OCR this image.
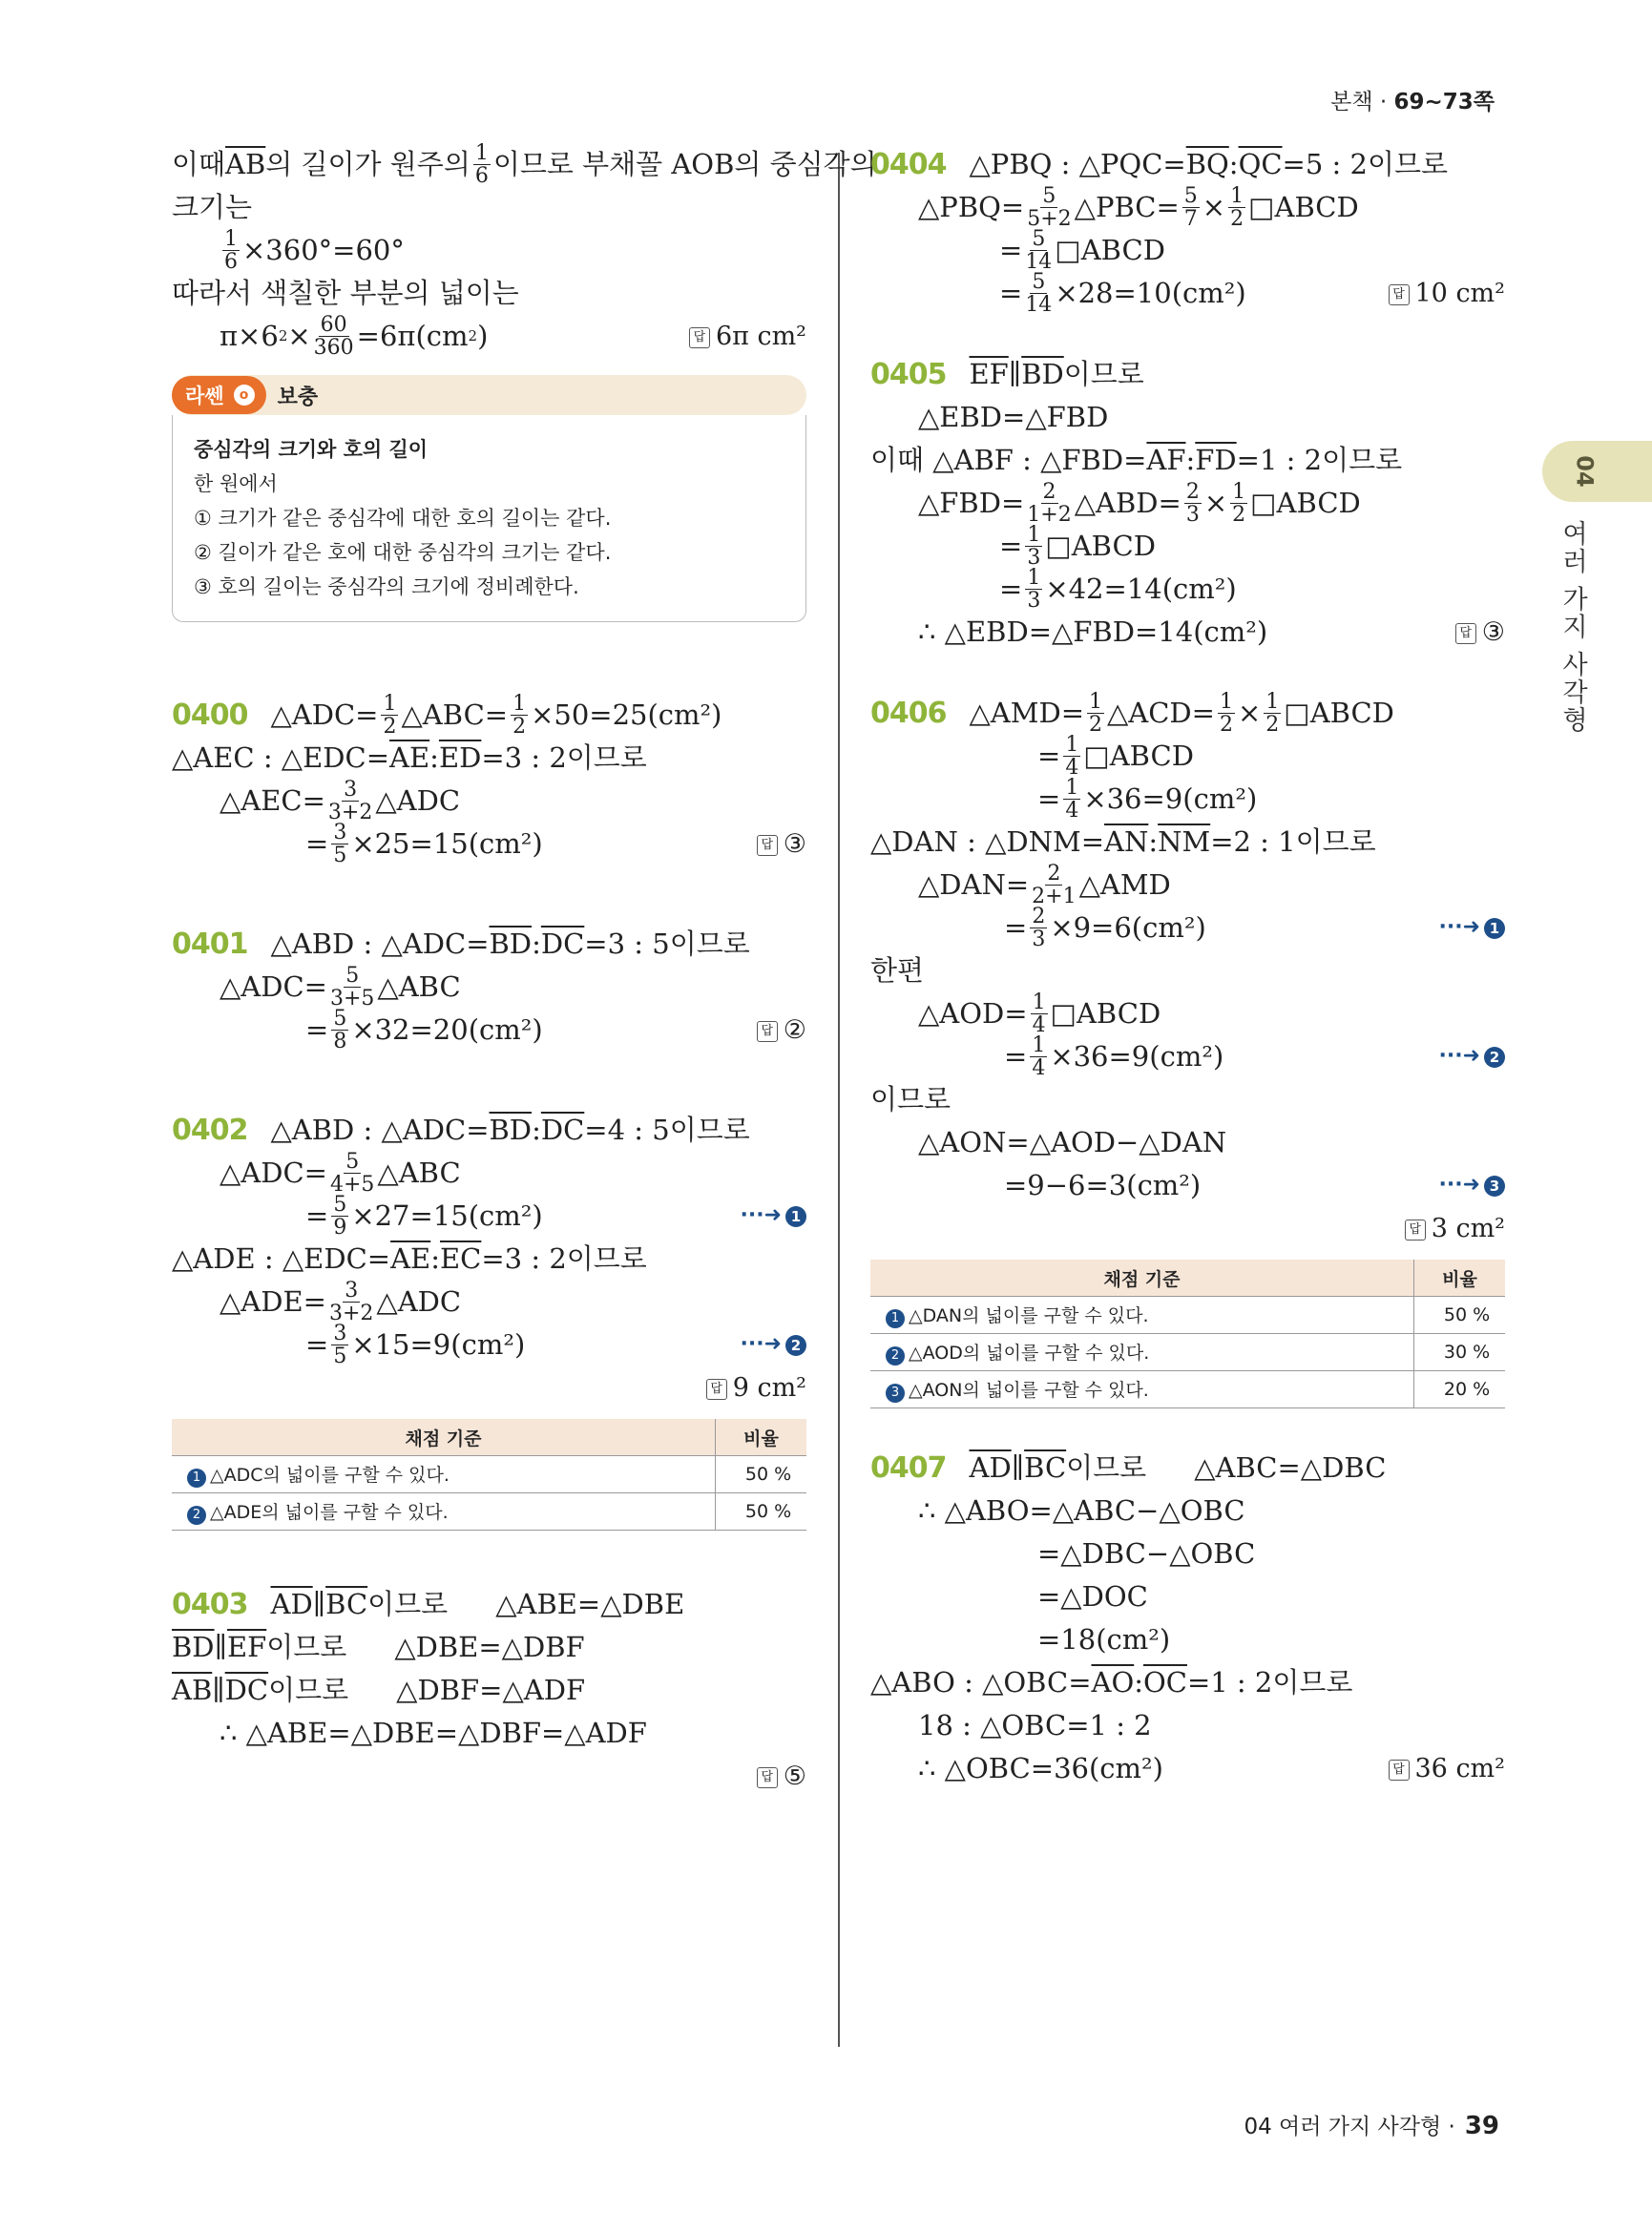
본책 · 69~73쪽
04
여러 가지 사각형
이때 $\overline{AB}$ 의 길이가 원주의 $\frac{1}{6}$ 이므로 부채꼴 AOB의 중심각의
크기는
$\frac{1}{6} \times 360^\circ=60^\circ$
따라서 색칠한 부분의 넓이는
π×6 $2 \times \frac{60}{360} =6\pi(cm$ 2 )	답 6π cm²
라쎈	o 보충
중심각의 크기와 호의 길이
한 원에서
① 크기가 같은 중심각에 대한 호의 길이는 같다.
② 길이가 같은 호에 대한 중심각의 크기는 같다.
③ 호의 길이는 중심각의 크기에 정비례한다.
0400 △ADC= $\frac{1}{2}$ △ABC= $\frac{1}{2} \times 50=25(cm^2)$
△AEC : △EDC= $\overline{AE}$ : $\overline{ED} =3$ : 2이므로
△AEC= $\frac{3}{3+2}$ △ADC
= $\frac{3}{5} \times 25=15(cm^2)$	답 ③
0401 △ABD : △ADC= $\overline{BD}$ : $\overline{DC} =3$ : 5이므로
△ADC= $\frac{5}{3+5}$ △ABC
= $\frac{5}{8} \times 32=20(cm^2)$	답 ②
0402 △ABD : △ADC= $\overline{BD}$ : $\overline{DC} =4$ : 5이므로
△ADC= $\frac{5}{4+5}$ △ABC
= $\frac{5}{9} \times 27=15(cm^2)$	···➜ 1
△ADE : △EDC= $\overline{AE}$ : $\overline{EC} =3$ : 2이므로
△ADE= $\frac{3}{3+2}$ △ADC
= $\frac{3}{5} \times 15=9(cm^2)$	···➜ 2
답 9 cm²
채점 기준	비율
1 △ADC의 넓이를 구할 수 있다.	50 %
2 △ADE의 넓이를 구할 수 있다.	50 %
0403 $\overline{AD}$ ∥ $\overline{BC}$ 이므로 △ABE=△DBE
$\overline{BD}$ ∥ $\overline{EF}$ 이므로 △DBE=△DBF
$\overline{AB}$ ∥ $\overline{DC}$ 이므로 △DBF=△ADF
∴ △ABE=△DBE=△DBF=△ADF
답 ⑤
0404 △PBQ : △PQC= $\overline{BQ}$ : $\overline{QC} =5$ : 2이므로
△PBQ= $\frac{5}{5+2}$ △PBC= $\frac{5}{7} \times \frac{1}{2}$ □ABCD
= $\frac{5}{14}$ □ABCD
= $\frac{5}{14} \times 28=10(cm^2)$	답 10 cm²
0405 $\overline{EF}$ ∥ $\overline{BD}$ 이므로
△EBD=△FBD
이때 △ABF : △FBD= $\overline{AF}$ : $\overline{FD} =1$ : 2이므로
△FBD= $\frac{2}{1+2}$ △ABD= $\frac{2}{3} \times \frac{1}{2}$ □ABCD
= $\frac{1}{3}$ □ABCD
= $\frac{1}{3} \times 42=14(cm^2)$
∴ △EBD=△FBD=14(cm²)	답 ③
0406 △AMD= $\frac{1}{2}$ △ACD= $\frac{1}{2} \times \frac{1}{2}$ □ABCD
= $\frac{1}{4}$ □ABCD
= $\frac{1}{4} \times 36=9(cm^2)$
△DAN : △DNM= $\overline{AN}$ : $\overline{NM} =2$ : 1이므로
△DAN= $\frac{2}{2+1}$ △AMD
= $\frac{2}{3} \times 9=6(cm^2)$	···➜ 1
한편
△AOD= $\frac{1}{4}$ □ABCD
= $\frac{1}{4} \times 36=9(cm^2)$	···➜ 2
이므로
△AON=△AOD−△DAN
=9−6=3(cm²)	···➜ 3
답 3 cm²
채점 기준	비율
1 △DAN의 넓이를 구할 수 있다.	50 %
2 △AOD의 넓이를 구할 수 있다.	30 %
3 △AON의 넓이를 구할 수 있다.	20 %
0407 $\overline{AD}$ ∥ $\overline{BC}$ 이므로 △ABC=△DBC
∴ △ABO=△ABC−△OBC
=△DBC−△OBC
=△DOC
=18(cm²)
△ABO : △OBC= $\overline{AO}$ : $\overline{OC} =1$ : 2이므로
18 : △OBC=1 : 2
∴ △OBC=36(cm²)	답 36 cm²
04 여러 가지 사각형 · 39
